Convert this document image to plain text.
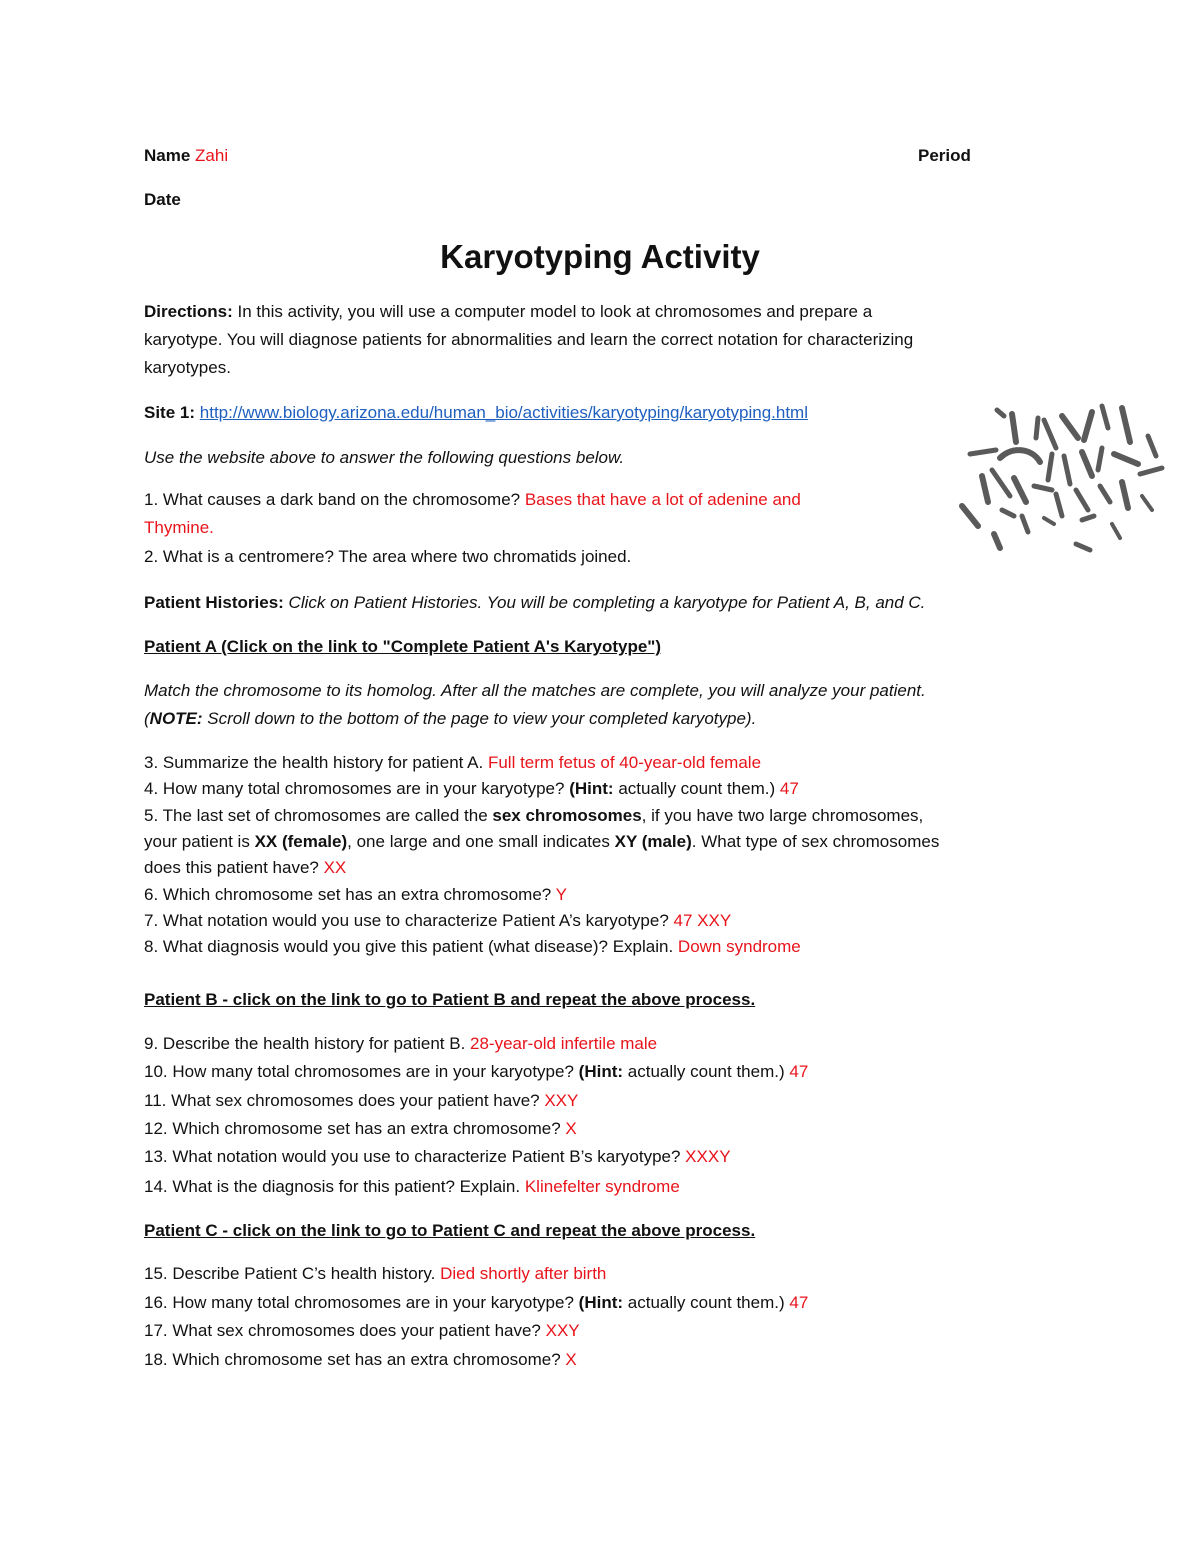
Name Zahi	Period
Date
Karyotyping Activity
Directions: In this activity, you will use a computer model to look at chromosomes and prepare a
karyotype. You will diagnose patients for abnormalities and learn the correct notation for characterizing
karyotypes.
Site 1: http://www.biology.arizona.edu/human_bio/activities/karyotyping/karyotyping.html
Use the website above to answer the following questions below.
1. What causes a dark band on the chromosome? Bases that have a lot of adenine and
Thymine.
2. What is a centromere? The area where two chromatids joined.
Patient Histories: Click on Patient Histories. You will be completing a karyotype for Patient A, B, and C.
Patient A (Click on the link to "Complete Patient A's Karyotype")
Match the chromosome to its homolog. After all the matches are complete, you will analyze your patient.
(NOTE: Scroll down to the bottom of the page to view your completed karyotype).
3. Summarize the health history for patient A. Full term fetus of 40-year-old female
4. How many total chromosomes are in your karyotype? (Hint: actually count them.) 47
5. The last set of chromosomes are called the sex chromosomes, if you have two large chromosomes,
your patient is XX (female), one large and one small indicates XY (male). What type of sex chromosomes
does this patient have? XX
6. Which chromosome set has an extra chromosome? Y
7. What notation would you use to characterize Patient A’s karyotype? 47 XXY
8. What diagnosis would you give this patient (what disease)? Explain. Down syndrome
Patient B - click on the link to go to Patient B and repeat the above process.
9. Describe the health history for patient B. 28-year-old infertile male
10. How many total chromosomes are in your karyotype? (Hint: actually count them.) 47
11. What sex chromosomes does your patient have? XXY
12. Which chromosome set has an extra chromosome? X
13. What notation would you use to characterize Patient B’s karyotype? XXXY
14. What is the diagnosis for this patient? Explain. Klinefelter syndrome
Patient C - click on the link to go to Patient C and repeat the above process.
15. Describe Patient C’s health history. Died shortly after birth
16. How many total chromosomes are in your karyotype? (Hint: actually count them.) 47
17. What sex chromosomes does your patient have? XXY
18. Which chromosome set has an extra chromosome? X
